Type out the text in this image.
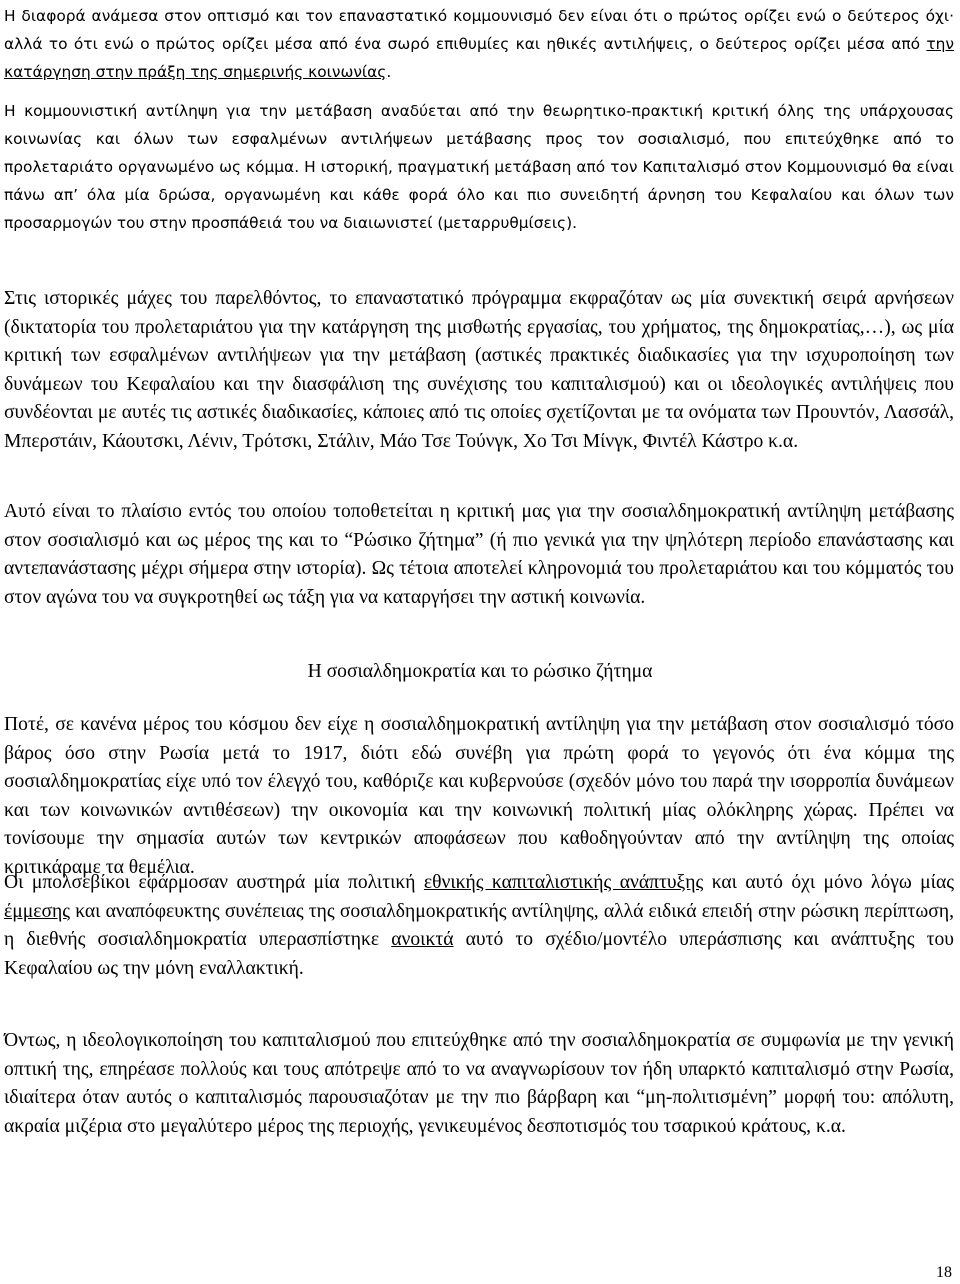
Η διαφορά ανάμεσα στον οπτισμό και τον επαναστατικό κομμουνισμό δεν είναι ότι ο πρώτος ορίζει ενώ ο δεύτερος όχι· αλλά το ότι ενώ ο πρώτος ορίζει μέσα από ένα σωρό επιθυμίες και ηθικές αντιλήψεις, ο δεύτερος ορίζει μέσα από την κατάργηση στην πράξη της σημερινής κοινωνίας.

Η κομμουνιστική αντίληψη για την μετάβαση αναδύεται από την θεωρητικο-πρακτική κριτική όλης της υπάρχουσας κοινωνίας και όλων των εσφαλμένων αντιλήψεων μετάβασης προς τον σοσιαλισμό, που επιτεύχθηκε από το προλεταριάτο οργανωμένο ως κόμμα. Η ιστορική, πραγματική μετάβαση από τον Καπιταλισμό στον Κομμουνισμό θα είναι πάνω απ’ όλα μία δρώσα, οργανωμένη και κάθε φορά όλο και πιο συνειδητή άρνηση του Κεφαλαίου και όλων των προσαρμογών του στην προσπάθειά του να διαιωνιστεί (μεταρρυθμίσεις).

Στις ιστορικές μάχες του παρελθόντος, το επαναστατικό πρόγραμμα εκφραζόταν ως μία συνεκτική σειρά αρνήσεων (δικτατορία του προλεταριάτου για την κατάργηση της μισθωτής εργασίας, του χρήματος, της δημοκρατίας,…), ως μία κριτική των εσφαλμένων αντιλήψεων για την μετάβαση (αστικές πρακτικές διαδικασίες για την ισχυροποίηση των δυνάμεων του Κεφαλαίου και την διασφάλιση της συνέχισης του καπιταλισμού) και οι ιδεολογικές αντιλήψεις που συνδέονται με αυτές τις αστικές διαδικασίες, κάποιες από τις οποίες σχετίζονται με τα ονόματα των Προυντόν, Λασσάλ, Μπερστάιν, Κάουτσκι, Λένιν, Τρότσκι, Στάλιν, Μάο Τσε Τούνγκ, Χο Τσι Μίνγκ, Φιντέλ Κάστρο κ.α.

Αυτό είναι το πλαίσιο εντός του οποίου τοποθετείται η κριτική μας για την σοσιαλδημοκρατική αντίληψη μετάβασης στον σοσιαλισμό και ως μέρος της και το “Ρώσικο ζήτημα” (ή πιο γενικά για την ψηλότερη περίοδο επανάστασης και αντεπανάστασης μέχρι σήμερα στην ιστορία). Ως τέτοια αποτελεί κληρονομιά του προλεταριάτου και του κόμματός του στον αγώνα του να συγκροτηθεί ως τάξη για να καταργήσει την αστική κοινωνία.

Η σοσιαλδημοκρατία και το ρώσικο ζήτημα

Ποτέ, σε κανένα μέρος του κόσμου δεν είχε η σοσιαλδημοκρατική αντίληψη για την μετάβαση στον σοσιαλισμό τόσο βάρος όσο στην Ρωσία μετά το 1917, διότι εδώ συνέβη για πρώτη φορά το γεγονός ότι ένα κόμμα της σοσιαλδημοκρατίας είχε υπό τον έλεγχό του, καθόριζε και κυβερνούσε (σχεδόν μόνο του παρά την ισορροπία δυνάμεων και των κοινωνικών αντιθέσεων) την οικονομία και την κοινωνική πολιτική μίας ολόκληρης χώρας. Πρέπει να τονίσουμε την σημασία αυτών των κεντρικών αποφάσεων που καθοδηγούνταν από την αντίληψη της οποίας κριτικάραμε τα θεμέλια.

Οι μπολσεβίκοι εφάρμοσαν αυστηρά μία πολιτική εθνικής καπιταλιστικής ανάπτυξης και αυτό όχι μόνο λόγω μίας έμμεσης και αναπόφευκτης συνέπειας της σοσιαλδημοκρατικής αντίληψης, αλλά ειδικά επειδή στην ρώσικη περίπτωση, η διεθνής σοσιαλδημοκρατία υπερασπίστηκε ανοικτά αυτό το σχέδιο/μοντέλο υπεράσπισης και ανάπτυξης του Κεφαλαίου ως την μόνη εναλλακτική.

Όντως, η ιδεολογικοποίηση του καπιταλισμού που επιτεύχθηκε από την σοσιαλδημοκρατία σε συμφωνία με την γενική οπτική της, επηρέασε πολλούς και τους απότρεψε από το να αναγνωρίσουν τον ήδη υπαρκτό καπιταλισμό στην Ρωσία, ιδιαίτερα όταν αυτός ο καπιταλισμός παρουσιαζόταν με την πιο βάρβαρη και “μη-πολιτισμένη” μορφή του: απόλυτη, ακραία μιζέρια στο μεγαλύτερο μέρος της περιοχής, γενικευμένος δεσποτισμός του τσαρικού κράτους, κ.α.

18
